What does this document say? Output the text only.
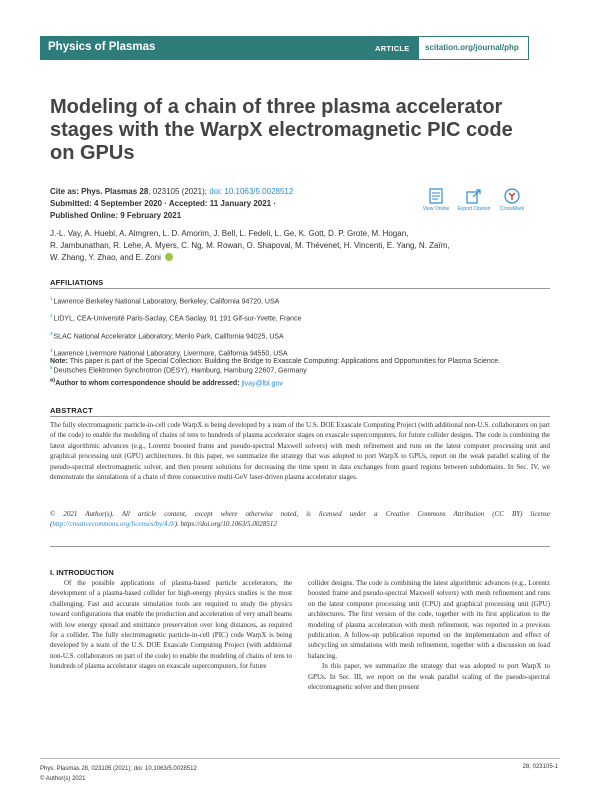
Physics of Plasmas	ARTICLE scitation.org/journal/php
Modeling of a chain of three plasma accelerator stages with the WarpX electromagnetic PIC code on GPUs
Cite as: Phys. Plasmas 28, 023105 (2021); doi: 10.1063/5.0028512
Submitted: 4 September 2020 · Accepted: 11 January 2021 ·
Published Online: 9 February 2021
View Online Export Citation CrossMark
J.-L. Vay, A. Huebl, A. Almgren, L. D. Amorim, J. Bell, L. Fedeli, L. Ge, K. Gott, D. P. Grote, M. Hogan,
R. Jambunathan, R. Lehe, A. Myers, C. Ng, M. Rowan, O. Shapoval, M. Thévenet, H. Vincenti, E. Yang, N. Zaïm,
W. Zhang, Y. Zhao, and E. Zoni
AFFILIATIONS
$^1$Lawrence Berkeley National Laboratory, Berkeley, California 94720, USA
$^2$LIDYL, CEA-Université Paris-Saclay, CEA Saclay, 91 191 Gif-sur-Yvette, France
$^3$SLAC National Accelerator Laboratory, Menlo Park, California 94025, USA
$^4$Lawrence Livermore National Laboratory, Livermore, California 94550, USA
$^5$Deutsches Elektronen Synchrotron (DESY), Hamburg, Hamburg 22607, Germany
Note: This paper is part of the Special Collection: Building the Bridge to Exascale Computing: Applications and Opportunities for Plasma Science.
$^{a)}$Author to whom correspondence should be addressed: jlvay@lbl.gov
ABSTRACT

The fully electromagnetic particle-in-cell code WarpX is being developed by a team of the U.S. DOE Exascale Computing Project (with additional non-U.S. collaborators on part of the code) to enable the modeling of chains of tens to hundreds of plasma accelerator stages on exascale supercomputers, for future collider designs. The code is combining the latest algorithmic advances (e.g., Lorentz boosted frame and pseudo-spectral Maxwell solvers) with mesh refinement and runs on the latest computer processing unit and graphical processing unit (GPU) architectures. In this paper, we summarize the strategy that was adopted to port WarpX to GPUs, report on the weak parallel scaling of the pseudo-spectral electromagnetic solver, and then present solutions for decreasing the time spent in data exchanges from guard regions between subdomains. In Sec. IV, we demonstrate the simulations of a chain of three consecutive multi-GeV laser-driven plasma accelerator stages.

© 2021 Author(s). All article content, except where otherwise noted, is licensed under a Creative Commons Attribution (CC BY) license (http://creativecommons.org/licenses/by/4.0/). https://doi.org/10.1063/5.0028512

I. INTRODUCTION

Of the possible applications of plasma-based particle accelerators, the development of a plasma-based collider for high-energy physics studies is the most challenging. Fast and accurate simulation tools are required to study the physics toward configurations that enable the production and acceleration of very small beams with low energy spread and emittance preservation over long distances, as required for a collider. The fully electromagnetic particle-in-cell (PIC) code WarpX is being developed by a team of the U.S. DOE Exascale Computing Project (with additional non-U.S. collaborators on part of the code) to enable the modeling of chains of tens to hundreds of plasma accelerator stages on exascale supercomputers, for future

collider designs. The code is combining the latest algorithmic advances (e.g., Lorentz boosted frame and pseudo-spectral Maxwell solvers) with mesh refinement and runs on the latest computer processing unit (CPU) and graphical processing unit (GPU) architectures. The first version of the code, together with its first application to the modeling of plasma acceleration with mesh refinement, was reported in a previous publication. A follow-up publication reported on the implementation and effect of subcycling on simulations with mesh refinement, together with a discussion on load balancing.
In this paper, we summarize the strategy that was adopted to port WarpX to GPUs. In Sec. III, we report on the weak parallel scaling of the pseudo-spectral electromagnetic solver and then present

Phys. Plasmas 28, 023105 (2021); doi: 10.1063/5.0028512
© Author(s) 2021
28, 023105-1
